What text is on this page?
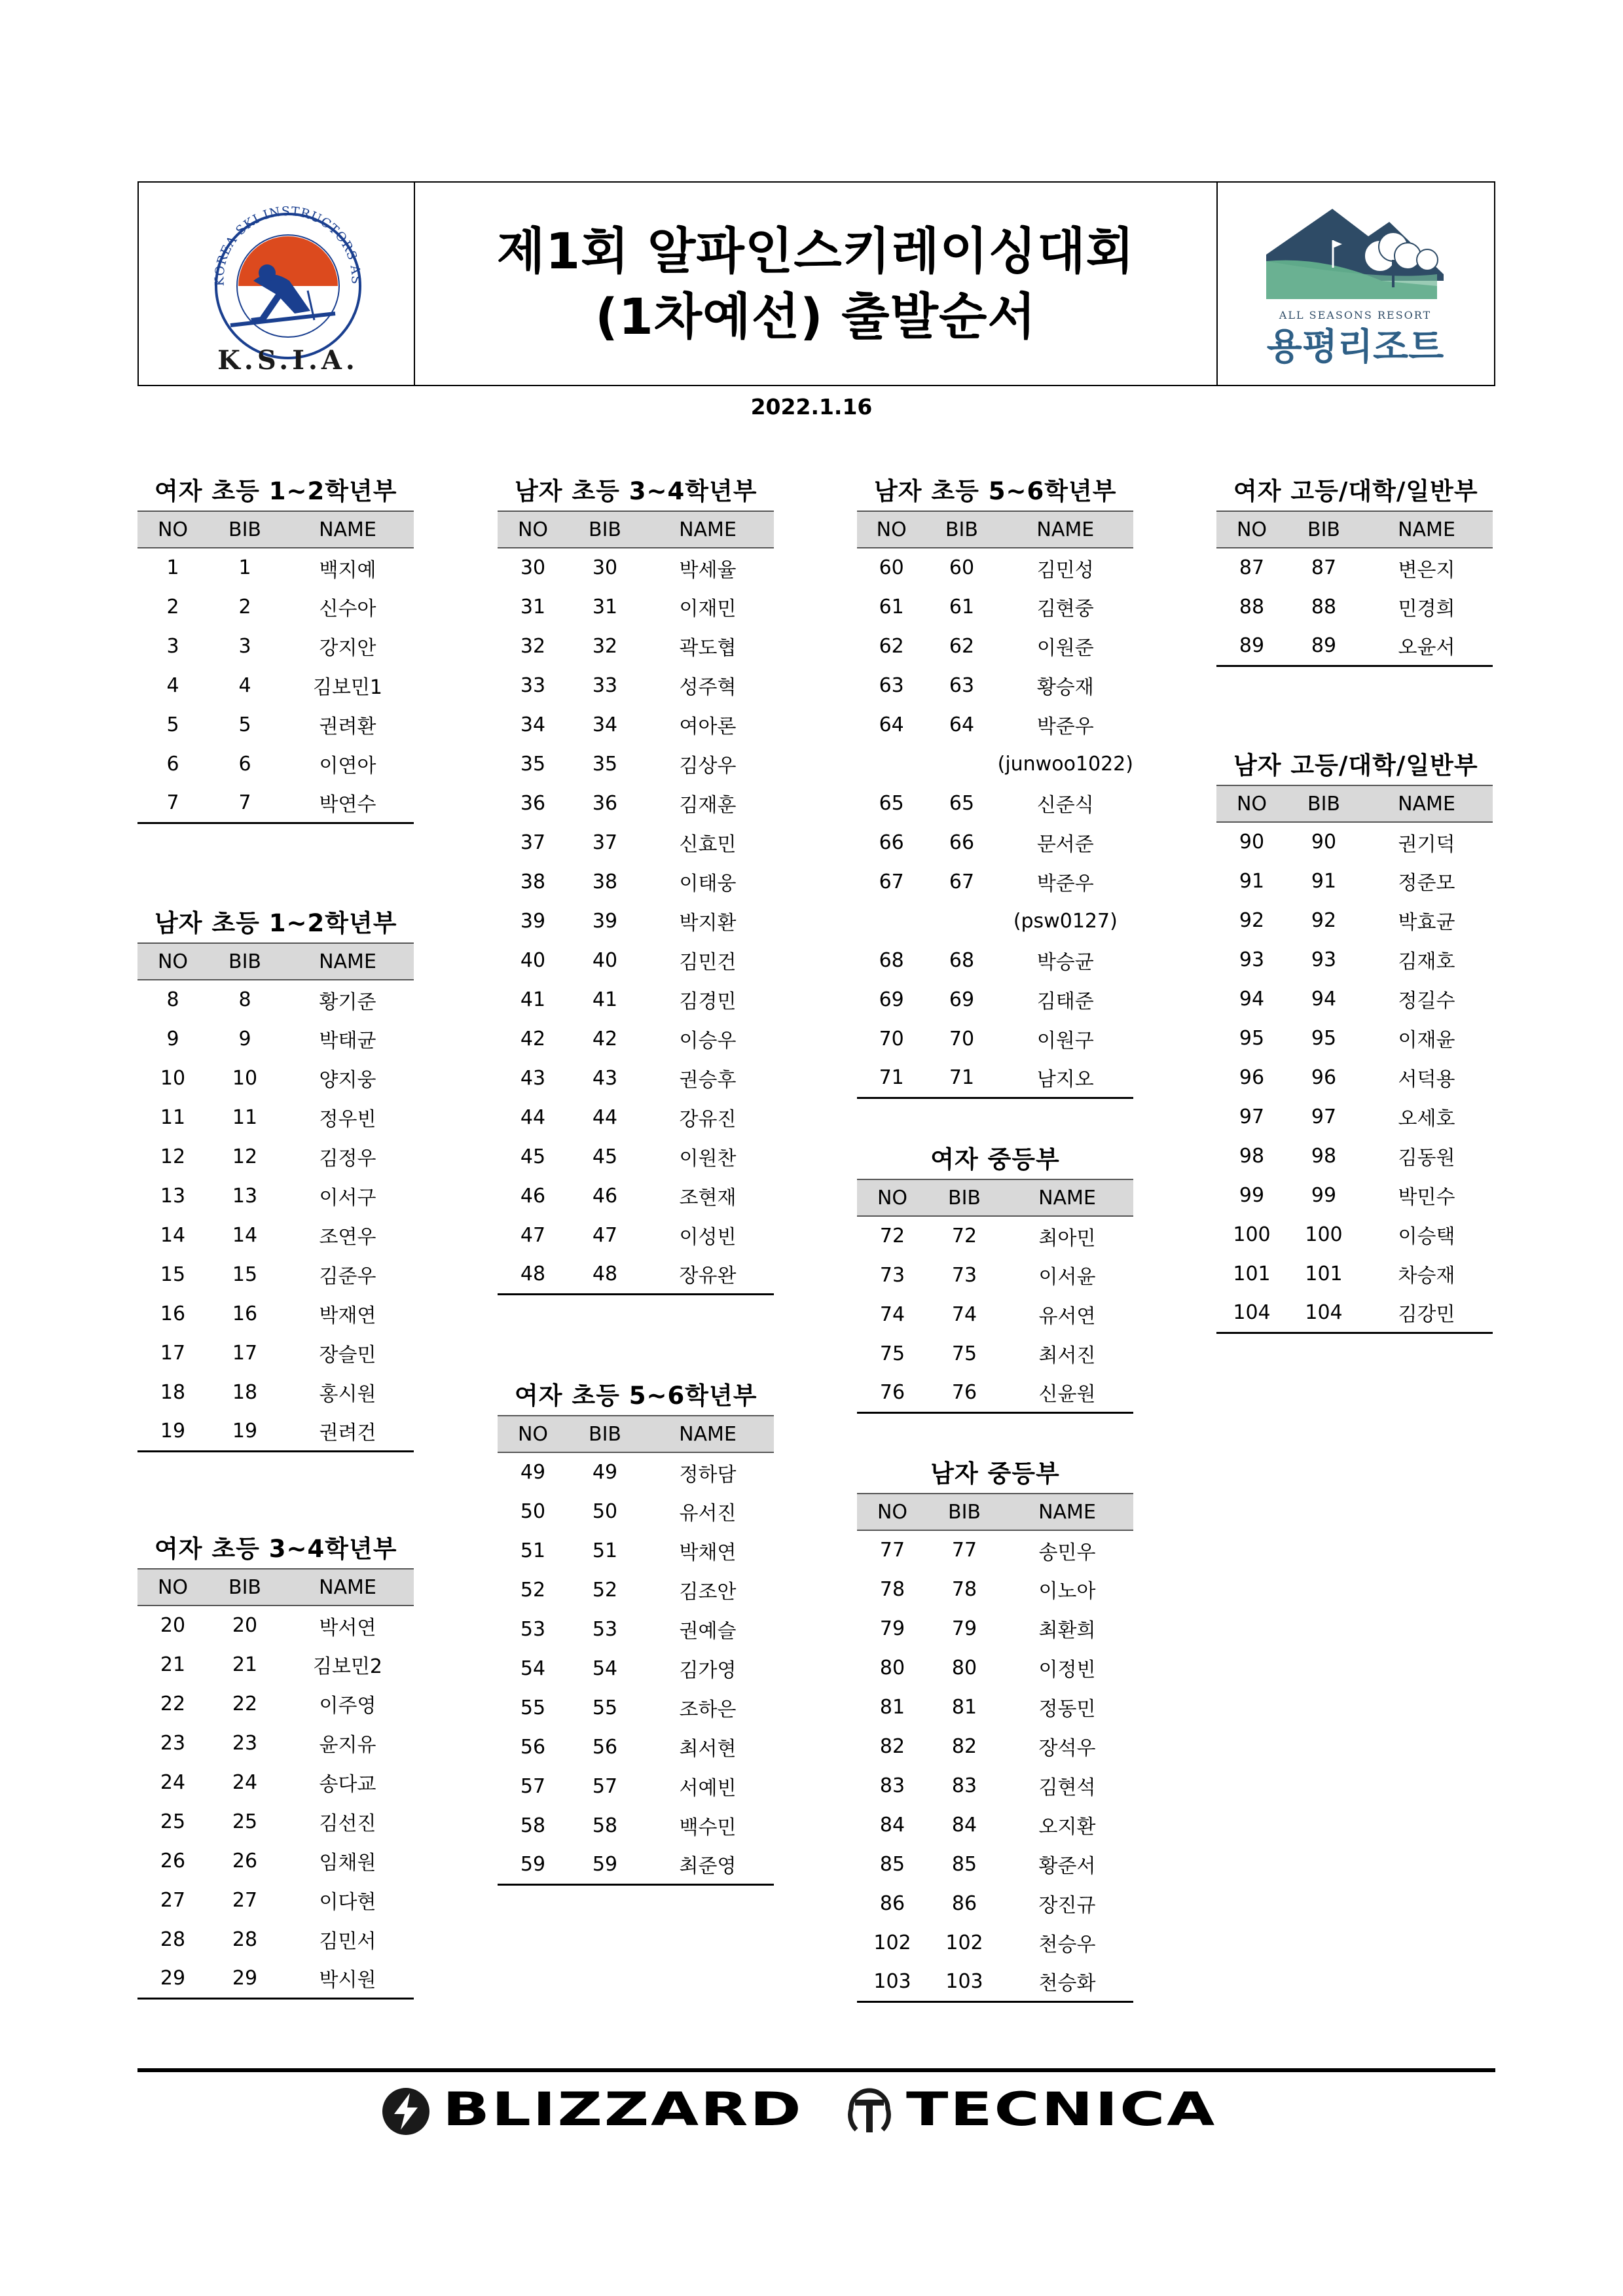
KOREA SKI INSTRUCTORS AS
K.S.I.A.
제1회 알파인스키레이싱대회
(1차예선) 출발순서	ALL SEASONS RESORT
용평리조트
2022.1.16
여자 초등 1~2학년부
NO	BIB	NAME
1	1	백지예
2	2	신수아
3	3	강지안
4	4	김보민1
5	5	권려환
6	6	이연아
7	7	박연수
남자 초등 1~2학년부
NO	BIB	NAME
8	8	황기준
9	9	박태균
10	10	양지웅
11	11	정우빈
12	12	김정우
13	13	이서구
14	14	조연우
15	15	김준우
16	16	박재연
17	17	장슬민
18	18	홍시원
19	19	권려건
여자 초등 3~4학년부
NO	BIB	NAME
20	20	박서연
21	21	김보민2
22	22	이주영
23	23	윤지유
24	24	송다교
25	25	김선진
26	26	임채원
27	27	이다현
28	28	김민서
29	29	박시원
남자 초등 3~4학년부
NO	BIB	NAME
30	30	박세율
31	31	이재민
32	32	곽도협
33	33	성주혁
34	34	여아론
35	35	김상우
36	36	김재훈
37	37	신효민
38	38	이태웅
39	39	박지환
40	40	김민건
41	41	김경민
42	42	이승우
43	43	권승후
44	44	강유진
45	45	이원찬
46	46	조현재
47	47	이성빈
48	48	장유완
여자 초등 5~6학년부
NO	BIB	NAME
49	49	정하담
50	50	유서진
51	51	박채연
52	52	김조안
53	53	권예슬
54	54	김가영
55	55	조하은
56	56	최서현
57	57	서예빈
58	58	백수민
59	59	최준영
남자 초등 5~6학년부
NO	BIB	NAME
60	60	김민성
61	61	김현중
62	62	이원준
63	63	황승재
64	64	박준우
		(junwoo1022)
65	65	신준식
66	66	문서준
67	67	박준우
		(psw0127)
68	68	박승균
69	69	김태준
70	70	이원구
71	71	남지오
여자 중등부
NO	BIB	NAME
72	72	최아민
73	73	이서윤
74	74	유서연
75	75	최서진
76	76	신윤원
남자 중등부
NO	BIB	NAME
77	77	송민우
78	78	이노아
79	79	최환희
80	80	이정빈
81	81	정동민
82	82	장석우
83	83	김현석
84	84	오지환
85	85	황준서
86	86	장진규
102	102	천승우
103	103	천승화
여자 고등/대학/일반부
NO	BIB	NAME
87	87	변은지
88	88	민경희
89	89	오윤서
남자 고등/대학/일반부
NO	BIB	NAME
90	90	권기덕
91	91	정준모
92	92	박효균
93	93	김재호
94	94	정길수
95	95	이재윤
96	96	서덕용
97	97	오세호
98	98	김동원
99	99	박민수
100	100	이승택
101	101	차승재
104	104	김강민
BLIZZARD TECNICA
